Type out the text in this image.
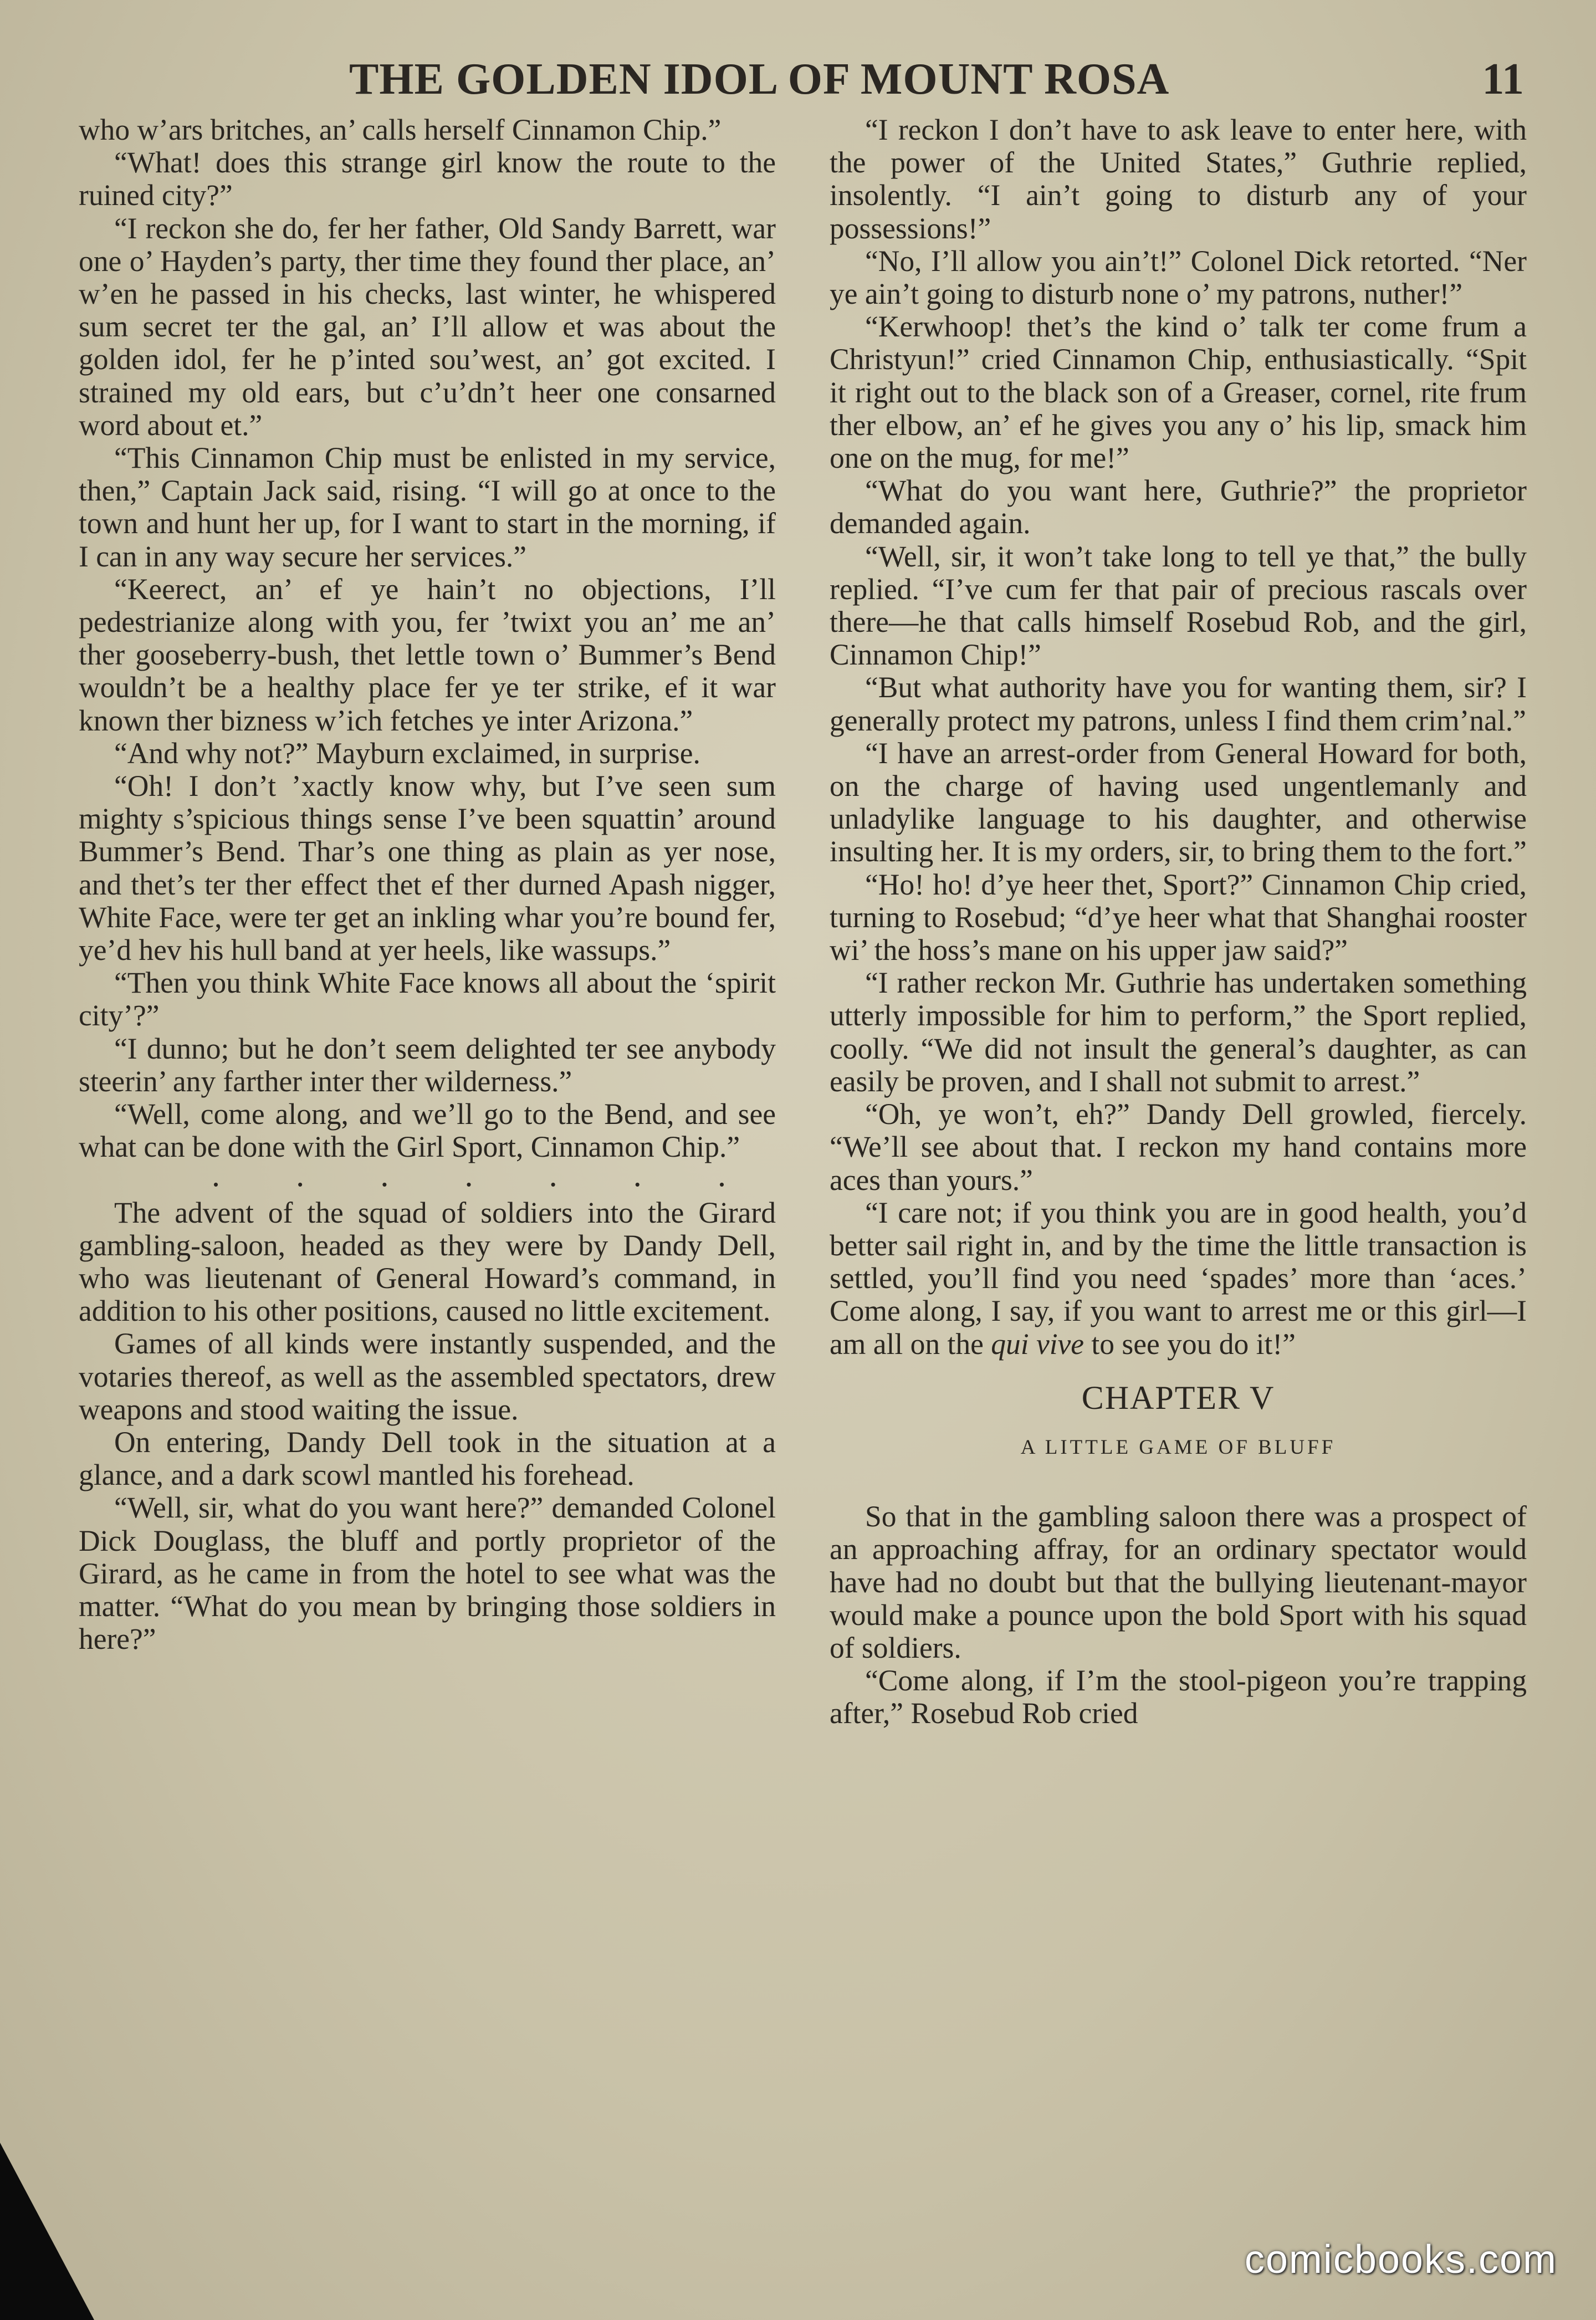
THE GOLDEN IDOL OF MOUNT ROSA	11

who w’ars britches, an’ calls herself Cinnamon Chip.”

“What! does this strange girl know the route to the ruined city?”

“I reckon she do, fer her father, Old Sandy Barrett, war one o’ Hayden’s party, ther time they found ther place, an’ w’en he passed in his checks, last winter, he whispered sum secret ter the gal, an’ I’ll allow et was about the golden idol, fer he p’inted sou’west, an’ got excited. I strained my old ears, but c’u’dn’t heer one consarned word about et.”

“This Cinnamon Chip must be enlisted in my service, then,” Captain Jack said, rising. “I will go at once to the town and hunt her up, for I want to start in the morning, if I can in any way secure her services.”

“Keerect, an’ ef ye hain’t no objections, I’ll pedestrianize along with you, fer ’twixt you an’ me an’ ther gooseberry-bush, thet lettle town o’ Bummer’s Bend wouldn’t be a healthy place fer ye ter strike, ef it war known ther bizness w’ich fetches ye inter Arizona.”

“And why not?” Mayburn exclaimed, in surprise.

“Oh! I don’t ’xactly know why, but I’ve seen sum mighty s’spicious things sense I’ve been squattin’ around Bummer’s Bend. Thar’s one thing as plain as yer nose, and thet’s ter ther effect thet ef ther durned Apash nigger, White Face, were ter get an inkling whar you’re bound fer, ye’d hev his hull band at yer heels, like wassups.”

“Then you think White Face knows all about the ‘spirit city’?”

“I dunno; but he don’t seem delighted ter see anybody steerin’ any farther inter ther wilderness.”

“Well, come along, and we’ll go to the Bend, and see what can be done with the Girl Sport, Cinnamon Chip.”

. . . . . . .

The advent of the squad of soldiers into the Girard gambling-saloon, headed as they were by Dandy Dell, who was lieutenant of General Howard’s command, in addition to his other positions, caused no little excitement.

Games of all kinds were instantly suspended, and the votaries thereof, as well as the assembled spectators, drew weapons and stood waiting the issue.

On entering, Dandy Dell took in the situation at a glance, and a dark scowl mantled his forehead.

“Well, sir, what do you want here?” demanded Colonel Dick Douglass, the bluff and portly proprietor of the Girard, as he came in from the hotel to see what was the matter. “What do you mean by bringing those soldiers in here?”

“I reckon I don’t have to ask leave to enter here, with the power of the United States,” Guthrie replied, insolently. “I ain’t going to disturb any of your possessions!”

“No, I’ll allow you ain’t!” Colonel Dick retorted. “Ner ye ain’t going to disturb none o’ my patrons, nuther!”

“Kerwhoop! thet’s the kind o’ talk ter come frum a Christyun!” cried Cinnamon Chip, enthusiastically. “Spit it right out to the black son of a Greaser, cornel, rite frum ther elbow, an’ ef he gives you any o’ his lip, smack him one on the mug, for me!”

“What do you want here, Guthrie?” the proprietor demanded again.

“Well, sir, it won’t take long to tell ye that,” the bully replied. “I’ve cum fer that pair of precious rascals over there—he that calls himself Rosebud Rob, and the girl, Cinnamon Chip!”

“But what authority have you for wanting them, sir? I generally protect my patrons, unless I find them crim’nal.”

“I have an arrest-order from General Howard for both, on the charge of having used ungentlemanly and unladylike language to his daughter, and otherwise insulting her. It is my orders, sir, to bring them to the fort.”

“Ho! ho! d’ye heer thet, Sport?” Cinnamon Chip cried, turning to Rosebud; “d’ye heer what that Shanghai rooster wi’ the hoss’s mane on his upper jaw said?”

“I rather reckon Mr. Guthrie has undertaken something utterly impossible for him to perform,” the Sport replied, coolly. “We did not insult the general’s daughter, as can easily be proven, and I shall not submit to arrest.”

“Oh, ye won’t, eh?” Dandy Dell growled, fiercely. “We’ll see about that. I reckon my hand contains more aces than yours.”

“I care not; if you think you are in good health, you’d better sail right in, and by the time the little transaction is settled, you’ll find you need ‘spades’ more than ‘aces.’ Come along, I say, if you want to arrest me or this girl—I am all on the qui vive to see you do it!”

CHAPTER V
A LITTLE GAME OF BLUFF

So that in the gambling saloon there was a prospect of an approaching affray, for an ordinary spectator would have had no doubt but that the bullying lieutenant-mayor would make a pounce upon the bold Sport with his squad of soldiers.

“Come along, if I’m the stool-pigeon you’re trapping after,” Rosebud Rob cried

comicbooks.com
